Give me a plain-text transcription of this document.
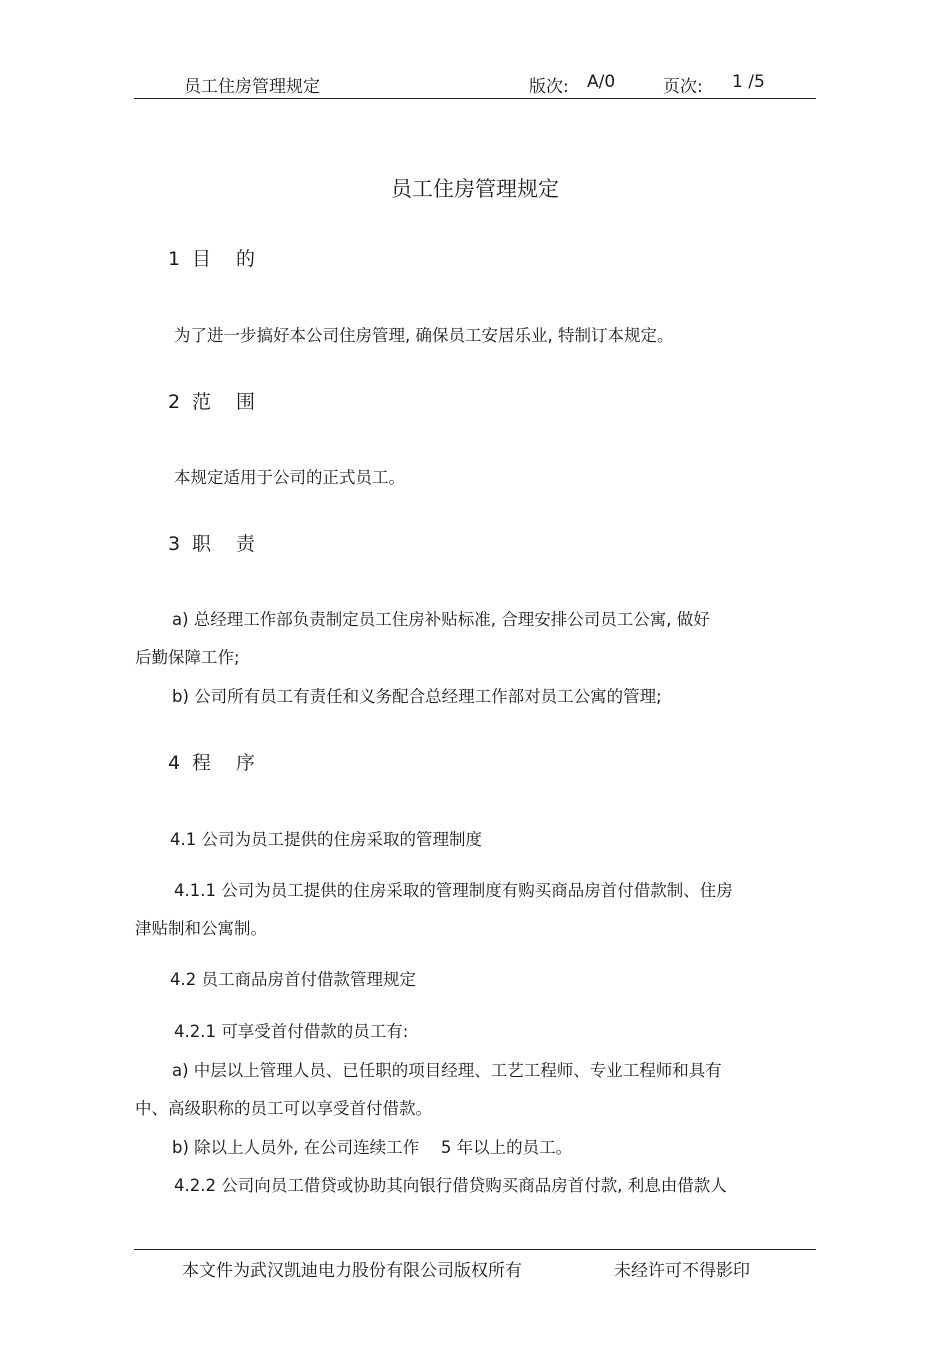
员工住房管理规定	版次: A/0	页次: 1 /5
员工住房管理规定
1 目 的
为了进一步搞好本公司住房管理, 确保员工安居乐业, 特制订本规定。
2 范 围
本规定适用于公司的正式员工。
3 职 责
a) 总经理工作部负责制定员工住房补贴标准, 合理安排公司员工公寓, 做好
后勤保障工作;
b) 公司所有员工有责任和义务配合总经理工作部对员工公寓的管理;
4 程 序
4.1 公司为员工提供的住房采取的管理制度
4.1.1 公司为员工提供的住房采取的管理制度有购买商品房首付借款制、住房
津贴制和公寓制。
4.2 员工商品房首付借款管理规定
4.2.1 可享受首付借款的员工有:
a) 中层以上管理人员、已任职的项目经理、工艺工程师、专业工程师和具有
中、高级职称的员工可以享受首付借款。
b) 除以上人员外, 在公司连续工作　 5 年以上的员工。
4.2.2 公司向员工借贷或协助其向银行借贷购买商品房首付款, 利息由借款人
本文件为武汉凯迪电力股份有限公司版权所有	未经许可不得影印
